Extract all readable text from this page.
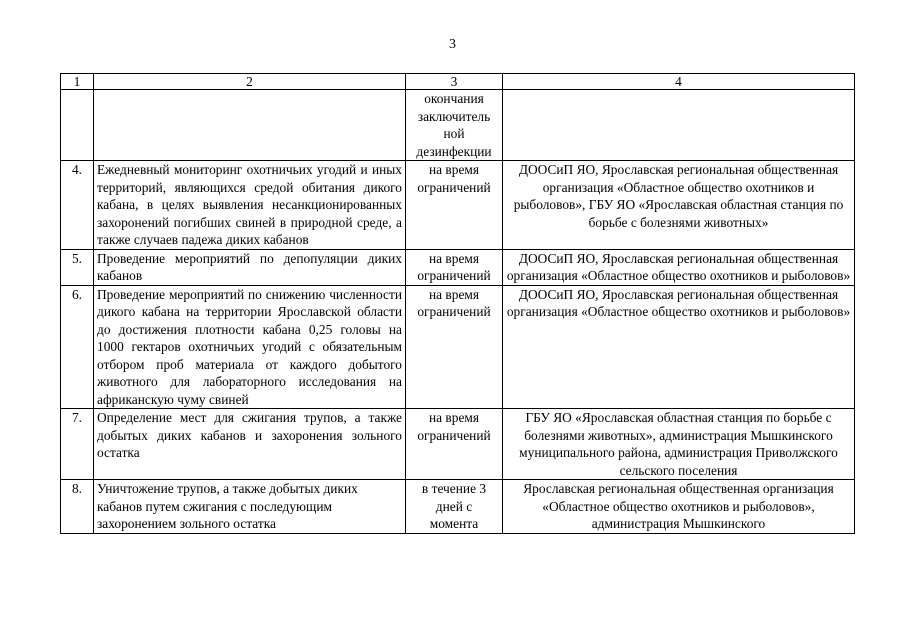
3
1	2	3	4

		окончания заключитель ной дезинфекции	

4.	Ежедневный мониторинг охотничьих угодий и иных территорий, являющихся средой обитания дикого кабана, в целях выявления несанкционированных захоронений погибших свиней в природной среде, а также случаев падежа диких кабанов	на время ограничений	ДООСиП ЯО, Ярославская региональная общественная организация «Областное общество охотников и рыболовов», ГБУ ЯО «Ярославская областная станция по борьбе с болезнями животных»
5.	Проведение мероприятий по депопуляции диких кабанов	на время ограничений	ДООСиП ЯО, Ярославская региональная общественная организация «Областное общество охотников и рыболовов»
6.	Проведение мероприятий по снижению численности дикого кабана на территории Ярославской области до достижения плотности кабана 0,25 головы на 1000 гектаров охотничьих угодий с обязательным отбором проб материала от каждого добытого животного для лабораторного исследования на африканскую чуму свиней	на время ограничений	ДООСиП ЯО, Ярославская региональная общественная организация «Областное общество охотников и рыболовов»
7.	Определение мест для сжигания трупов, а также добытых диких кабанов и захоронения зольного остатка	на время ограничений	ГБУ ЯО «Ярославская областная станция по борьбе с болезнями животных», администрация Мышкинского муниципального района, администрация Приволжского сельского поселения
8.	Уничтожение трупов, а также добытых диких кабанов путем сжигания с последующим захоронением зольного остатка	в течение 3 дней с момента	Ярославская региональная общественная организация «Областное общество охотников и рыболовов», администрация Мышкинского
